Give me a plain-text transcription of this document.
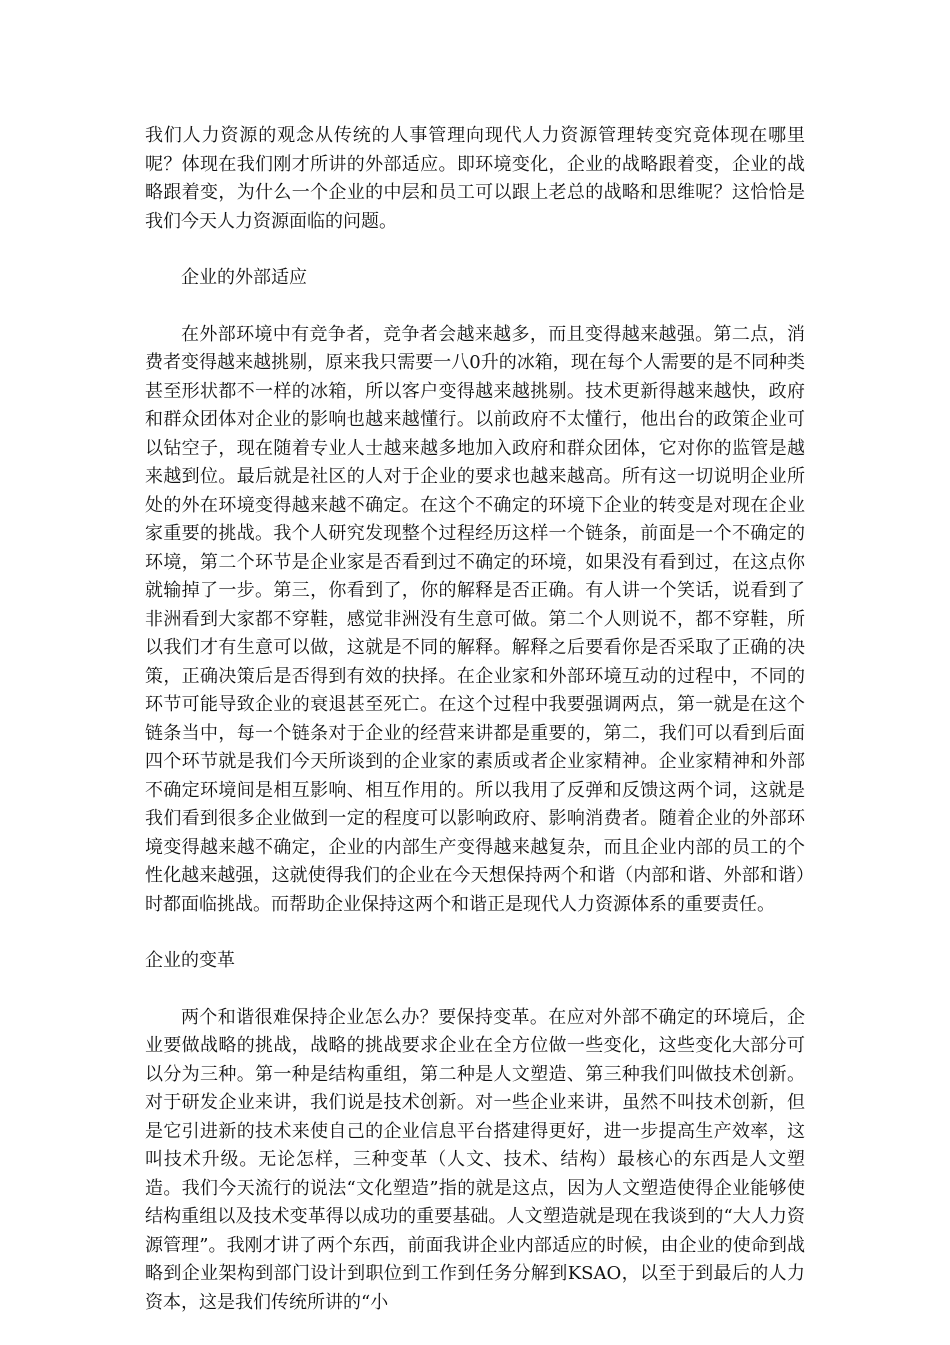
我们人力资源的观念从传统的人事管理向现代人力资源管理转变究竟体现在哪里呢？体现在我们刚才所讲的外部适应。即环境变化，企业的战略跟着变，企业的战略跟着变，为什么一个企业的中层和员工可以跟上老总的战略和思维呢？这恰恰是我们今天人力资源面临的问题。

企业的外部适应

在外部环境中有竞争者，竞争者会越来越多，而且变得越来越强。第二点，消费者变得越来越挑剔，原来我只需要一八0升的冰箱，现在每个人需要的是不同种类甚至形状都不一样的冰箱，所以客户变得越来越挑剔。技术更新得越来越快，政府和群众团体对企业的影响也越来越懂行。以前政府不太懂行，他出台的政策企业可以钻空子，现在随着专业人士越来越多地加入政府和群众团体，它对你的监管是越来越到位。最后就是社区的人对于企业的要求也越来越高。所有这一切说明企业所处的外在环境变得越来越不确定。在这个不确定的环境下企业的转变是对现在企业家重要的挑战。我个人研究发现整个过程经历这样一个链条，前面是一个不确定的环境，第二个环节是企业家是否看到过不确定的环境，如果没有看到过，在这点你就输掉了一步。第三，你看到了，你的解释是否正确。有人讲一个笑话，说看到了非洲看到大家都不穿鞋，感觉非洲没有生意可做。第二个人则说不，都不穿鞋，所以我们才有生意可以做，这就是不同的解释。解释之后要看你是否采取了正确的决策，正确决策后是否得到有效的抉择。在企业家和外部环境互动的过程中，不同的环节可能导致企业的衰退甚至死亡。在这个过程中我要强调两点，第一就是在这个链条当中，每一个链条对于企业的经营来讲都是重要的，第二，我们可以看到后面四个环节就是我们今天所谈到的企业家的素质或者企业家精神。企业家精神和外部不确定环境间是相互影响、相互作用的。所以我用了反弹和反馈这两个词，这就是我们看到很多企业做到一定的程度可以影响政府、影响消费者。随着企业的外部环境变得越来越不确定，企业的内部生产变得越来越复杂，而且企业内部的员工的个性化越来越强，这就使得我们的企业在今天想保持两个和谐（内部和谐、外部和谐）时都面临挑战。而帮助企业保持这两个和谐正是现代人力资源体系的重要责任。

企业的变革

两个和谐很难保持企业怎么办？要保持变革。在应对外部不确定的环境后，企业要做战略的挑战，战略的挑战要求企业在全方位做一些变化，这些变化大部分可以分为三种。第一种是结构重组，第二种是人文塑造、第三种我们叫做技术创新。对于研发企业来讲，我们说是技术创新。对一些企业来讲，虽然不叫技术创新，但是它引进新的技术来使自己的企业信息平台搭建得更好，进一步提高生产效率，这叫技术升级。无论怎样，三种变革（人文、技术、结构）最核心的东西是人文塑造。我们今天流行的说法“文化塑造”指的就是这点，因为人文塑造使得企业能够使结构重组以及技术变革得以成功的重要基础。人文塑造就是现在我谈到的“大人力资源管理”。我刚才讲了两个东西，前面我讲企业内部适应的时候，由企业的使命到战略到企业架构到部门设计到职位到工作到任务分解到KSAO，以至于到最后的人力资本，这是我们传统所讲的“小
